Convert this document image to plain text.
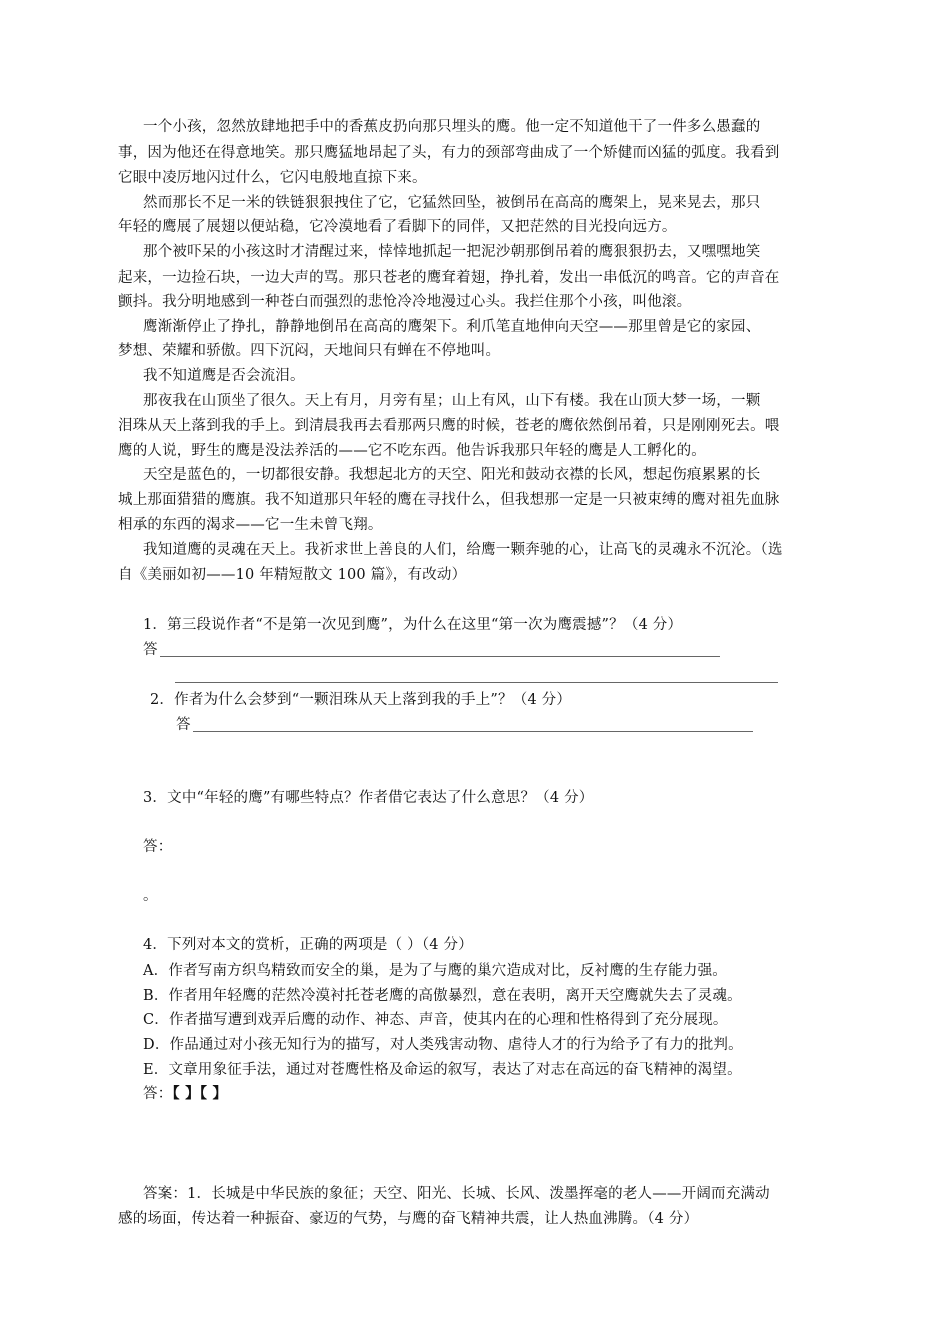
一个小孩，忽然放肆地把手中的香蕉皮扔向那只埋头的鹰。他一定不知道他干了一件多么愚蠢的
事，因为他还在得意地笑。那只鹰猛地昂起了头，有力的颈部弯曲成了一个矫健而凶猛的弧度。我看到
它眼中凌厉地闪过什么，它闪电般地直掠下来。
然而那长不足一米的铁链狠狠拽住了它，它猛然回坠，被倒吊在高高的鹰架上，晃来晃去，那只
年轻的鹰展了展翅以便站稳，它冷漠地看了看脚下的同伴，又把茫然的目光投向远方。
那个被吓呆的小孩这时才清醒过来，悻悻地抓起一把泥沙朝那倒吊着的鹰狠狠扔去，又嘿嘿地笑
起来，一边捡石块，一边大声的骂。那只苍老的鹰耷着翅，挣扎着，发出一串低沉的鸣音。它的声音在
颤抖。我分明地感到一种苍白而强烈的悲怆冷冷地漫过心头。我拦住那个小孩，叫他滚。
鹰渐渐停止了挣扎，静静地倒吊在高高的鹰架下。利爪笔直地伸向天空——那里曾是它的家园、
梦想、荣耀和骄傲。四下沉闷，天地间只有蝉在不停地叫。
我不知道鹰是否会流泪。
那夜我在山顶坐了很久。天上有月，月旁有星；山上有风，山下有楼。我在山顶大梦一场，一颗
泪珠从天上落到我的手上。到清晨我再去看那两只鹰的时候，苍老的鹰依然倒吊着，只是刚刚死去。喂
鹰的人说，野生的鹰是没法养活的——它不吃东西。他告诉我那只年轻的鹰是人工孵化的。
天空是蓝色的，一切都很安静。我想起北方的天空、阳光和鼓动衣襟的长风，想起伤痕累累的长
城上那面猎猎的鹰旗。我不知道那只年轻的鹰在寻找什么，但我想那一定是一只被束缚的鹰对祖先血脉
相承的东西的渴求——它一生未曾飞翔。
我知道鹰的灵魂在天上。我祈求世上善良的人们，给鹰一颗奔驰的心，让高飞的灵魂永不沉沦。（选
自《美丽如初——10 年精短散文 100 篇》，有改动）
1．第三段说作者“不是第一次见到鹰”，为什么在这里“第一次为鹰震撼”？（4 分）
答
2．作者为什么会梦到“一颗泪珠从天上落到我的手上”？（4 分）
答
3．文中“年轻的鹰”有哪些特点？作者借它表达了什么意思？（4 分）
答：
。
4．下列对本文的赏析，正确的两项是（ ）（4 分）
A．作者写南方织鸟精致而安全的巢，是为了与鹰的巢穴造成对比，反衬鹰的生存能力强。
B．作者用年轻鹰的茫然冷漠衬托苍老鹰的高傲暴烈，意在表明，离开天空鹰就失去了灵魂。
C．作者描写遭到戏弄后鹰的动作、神态、声音，使其内在的心理和性格得到了充分展现。
D．作品通过对小孩无知行为的描写，对人类残害动物、虐待人才的行为给予了有力的批判。
E．文章用象征手法，通过对苍鹰性格及命运的叙写，表达了对志在高远的奋飞精神的渴望。
答：【 】【 】
答案：1．长城是中华民族的象征；天空、阳光、长城、长风、泼墨挥毫的老人——开阔而充满动
感的场面，传达着一种振奋、豪迈的气势，与鹰的奋飞精神共震，让人热血沸腾。（4 分）
